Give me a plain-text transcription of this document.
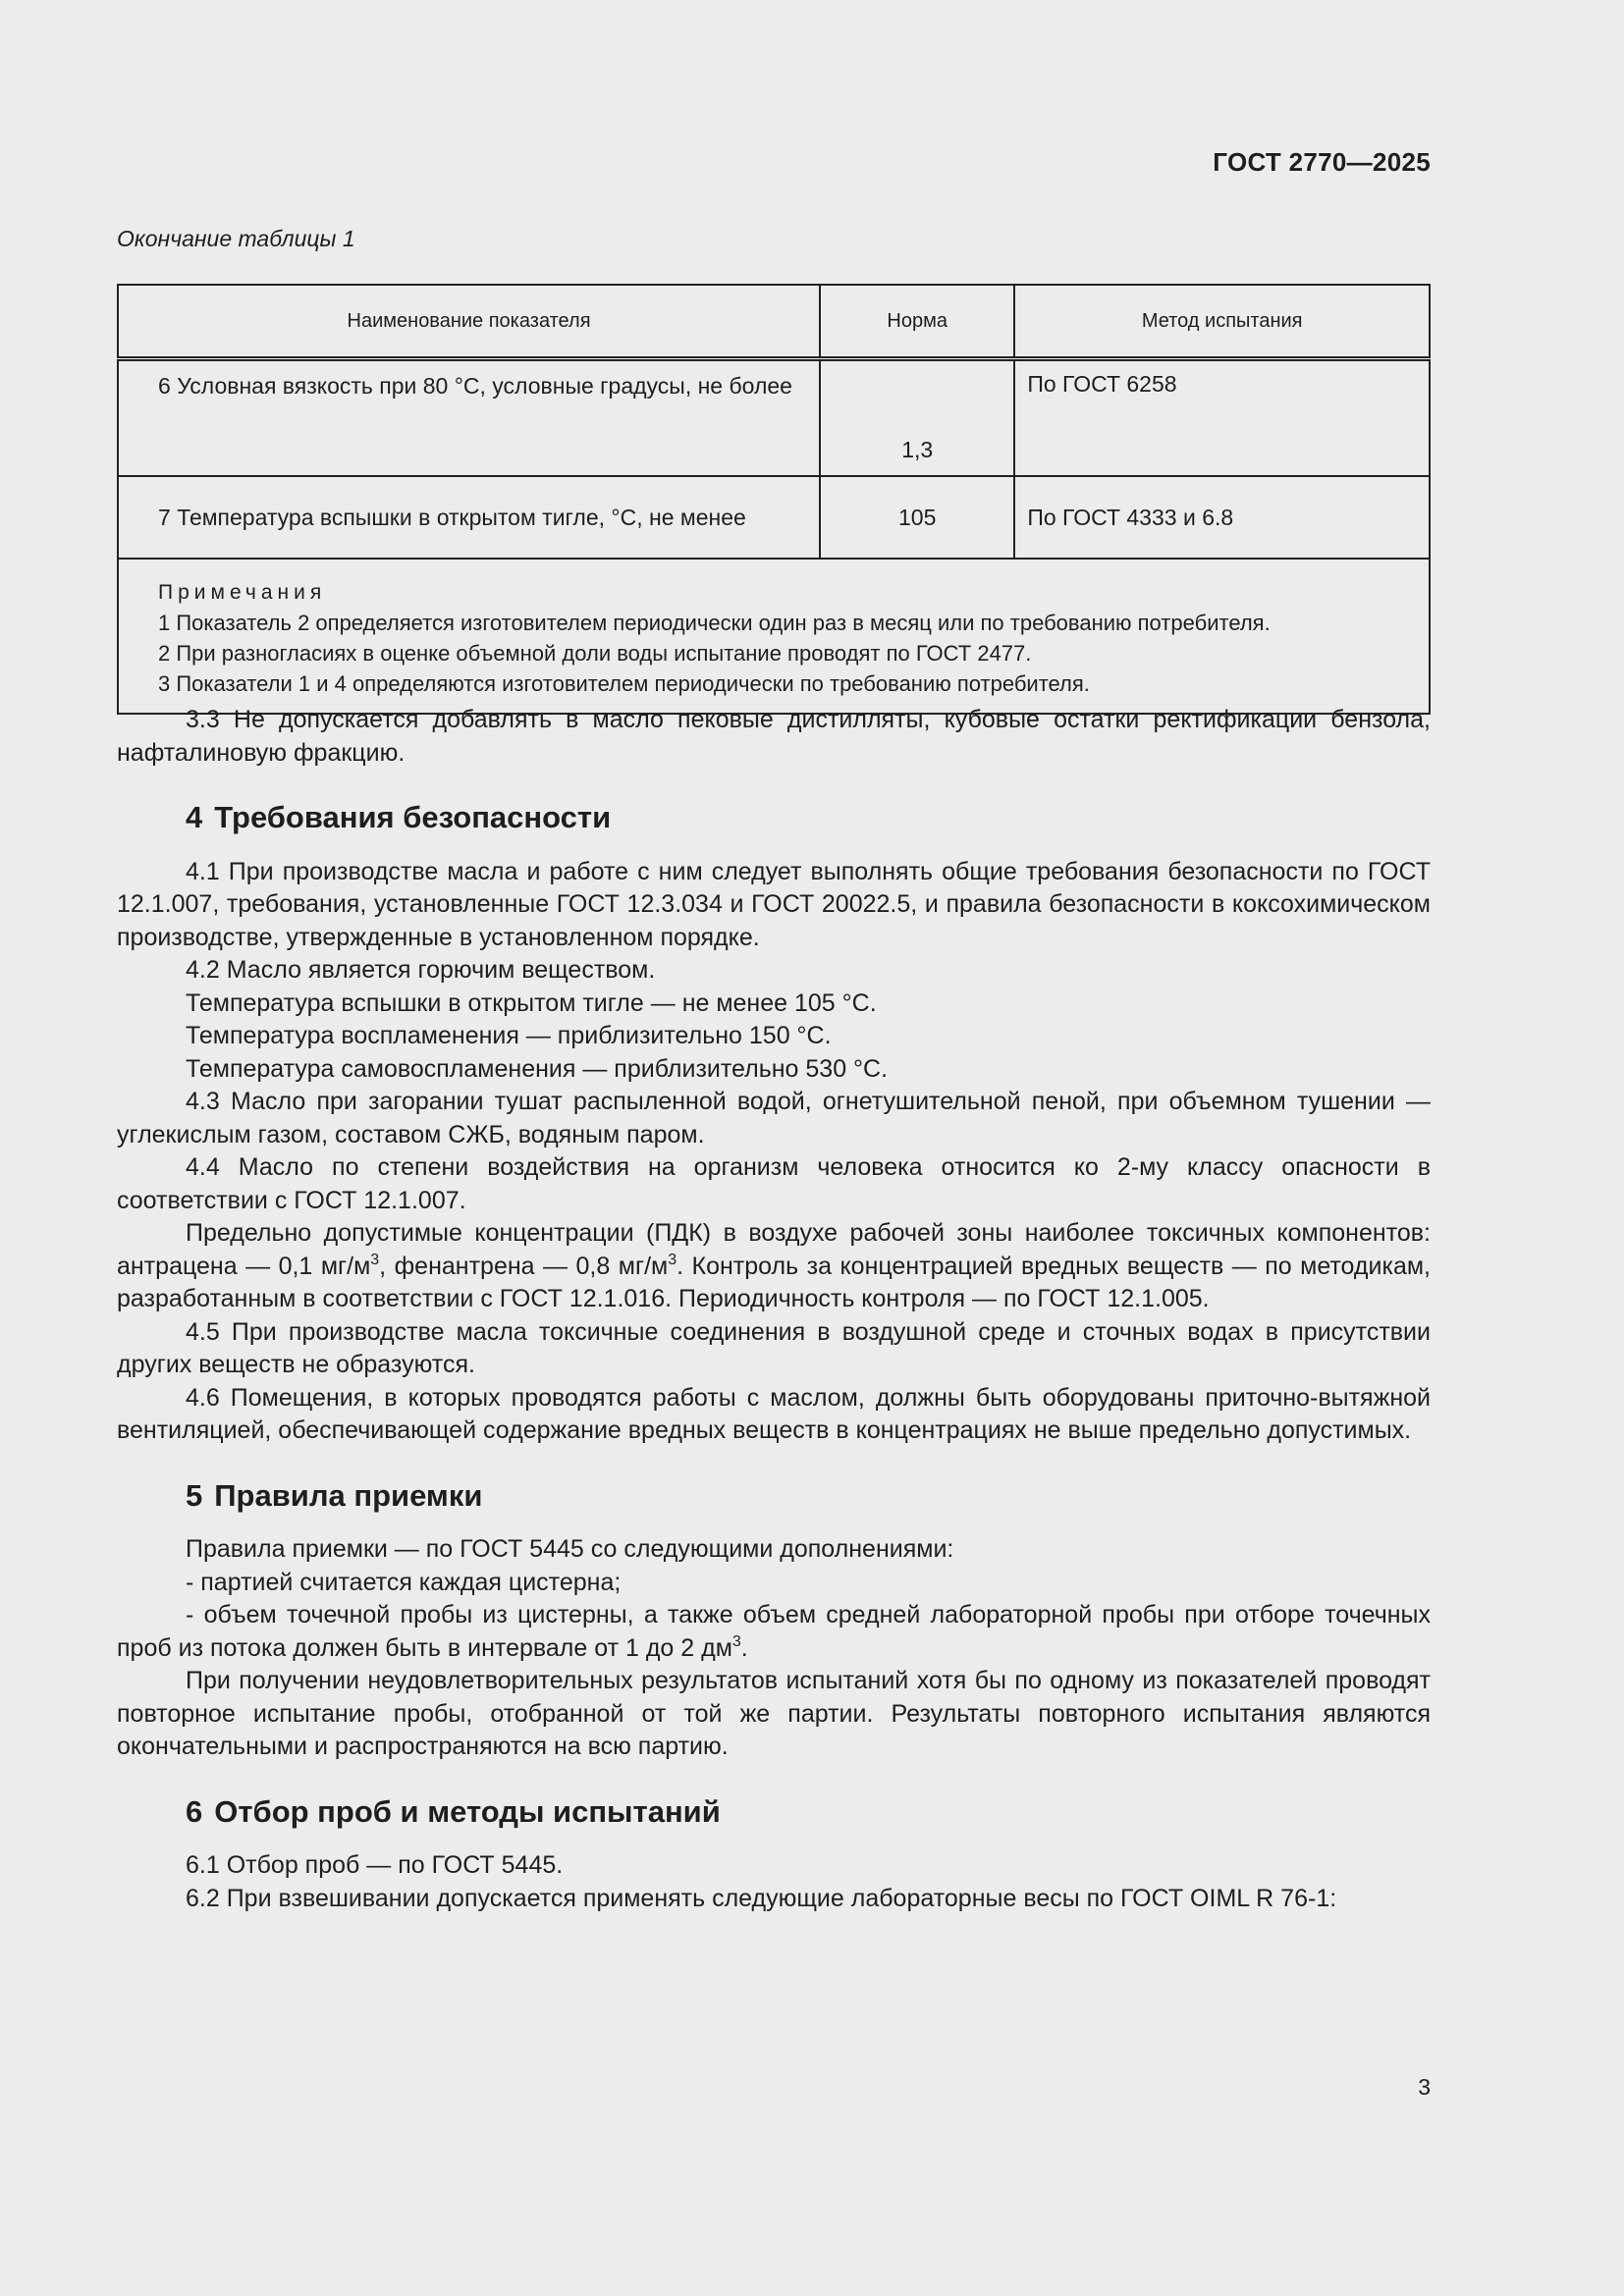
ГОСТ 2770—2025
Окончание таблицы 1
Наименование показателя	Норма	Метод испытания
6 Условная вязкость при 80 °С, условные градусы, не более	1,3	По ГОСТ 6258
7 Температура вспышки в открытом тигле, °С, не менее	105	По ГОСТ 4333 и 6.8

Примечания
1 Показатель 2 определяется изготовителем периодически один раз в месяц или по требованию потребителя.
2 При разногласиях в оценке объемной доли воды испытание проводят по ГОСТ 2477.
3 Показатели 1 и 4 определяются изготовителем периодически по требованию потребителя.		

3.3 Не допускается добавлять в масло пековые дистилляты, кубовые остатки ректификации бензола, нафталиновую фракцию.

4 Требования безопасности

4.1 При производстве масла и работе с ним следует выполнять общие требования безопасности по ГОСТ 12.1.007, требования, установленные ГОСТ 12.3.034 и ГОСТ 20022.5, и правила безопасности в коксохимическом производстве, утвержденные в установленном порядке.

4.2 Масло является горючим веществом.

Температура вспышки в открытом тигле — не менее 105 °С.

Температура воспламенения — приблизительно 150 °С.

Температура самовоспламенения — приблизительно 530 °С.

4.3 Масло при загорании тушат распыленной водой, огнетушительной пеной, при объемном тушении — углекислым газом, составом СЖБ, водяным паром.

4.4 Масло по степени воздействия на организм человека относится ко 2-му классу опасности в соответствии с ГОСТ 12.1.007.

Предельно допустимые концентрации (ПДК) в воздухе рабочей зоны наиболее токсичных компонентов: антрацена — 0,1 $мг/м^3$, фенантрена — 0,8 $мг/м^3$. Контроль за концентрацией вредных веществ — по методикам, разработанным в соответствии с ГОСТ 12.1.016. Периодичность контроля — по ГОСТ 12.1.005.

4.5 При производстве масла токсичные соединения в воздушной среде и сточных водах в присутствии других веществ не образуются.

4.6 Помещения, в которых проводятся работы с маслом, должны быть оборудованы приточно-вытяжной вентиляцией, обеспечивающей содержание вредных веществ в концентрациях не выше предельно допустимых.

5 Правила приемки

Правила приемки — по ГОСТ 5445 со следующими дополнениями:

- партией считается каждая цистерна;

- объем точечной пробы из цистерны, а также объем средней лабораторной пробы при отборе точечных проб из потока должен быть в интервале от 1 до 2 $дм^3$.

При получении неудовлетворительных результатов испытаний хотя бы по одному из показателей проводят повторное испытание пробы, отобранной от той же партии. Результаты повторного испытания являются окончательными и распространяются на всю партию.

6 Отбор проб и методы испытаний

6.1 Отбор проб — по ГОСТ 5445.

6.2 При взвешивании допускается применять следующие лабораторные весы по ГОСТ OIML R 76-1:

3
